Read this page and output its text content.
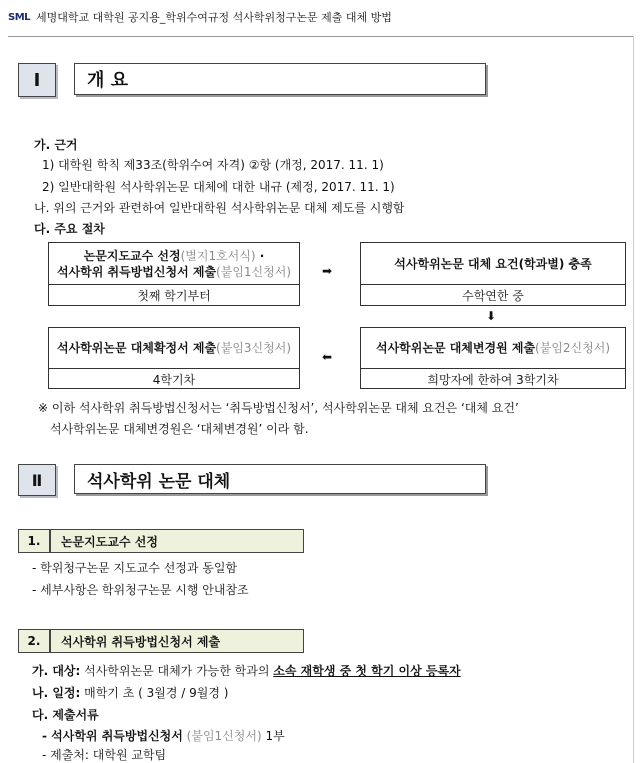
SML 세명대학교 대학원 공지용_학위수여규정 석사학위청구논문 제출 대체 방법
Ⅰ	개 요
가. 근거
1) 대학원 학칙 제33조(학위수여 자격) ②항 (개정, 2017. 11. 1)
2) 일반대학원 석사학위논문 대체에 대한 내규 (제정, 2017. 11. 1)
나. 위의 근거와 관련하여 일반대학원 석사학위논문 대체 제도를 시행함
다. 주요 절차
논문지도교수 선정(별지1호서식) ·
석사학위 취득방법신청서 제출(붙임1신청서)
첫째 학기부터
➡
석사학위논문 대체 요건(학과별) 충족
수학연한 중
⬇
석사학위논문 대체확정서 제출 (붙임3신청서)
4학기차
⬅
석사학위논문 대체변경원 제출 (붙임2신청서)
희망자에 한하여 3학기차
※ 이하 석사학위 취득방법신청서는 ‘취득방법신청서’, 석사학위논문 대체 요건은 ‘대체 요건’
석사학위논문 대체변경원은 ‘대체변경원’ 이라 함.
Ⅱ	석사학위 논문 대체
1.	논문지도교수 선정
- 학위청구논문 지도교수 선정과 동일함
- 세부사항은 학위청구논문 시행 안내참조
2.	석사학위 취득방법신청서 제출
가. 대상: 석사학위논문 대체가 가능한 학과의 소속 재학생 중 첫 학기 이상 등록자
나. 일정: 매학기 초 ( 3월경 / 9월경 )
다. 제출서류
- 석사학위 취득방법신청서 (붙임1신청서) 1부
- 제출처: 대학원 교학팀
